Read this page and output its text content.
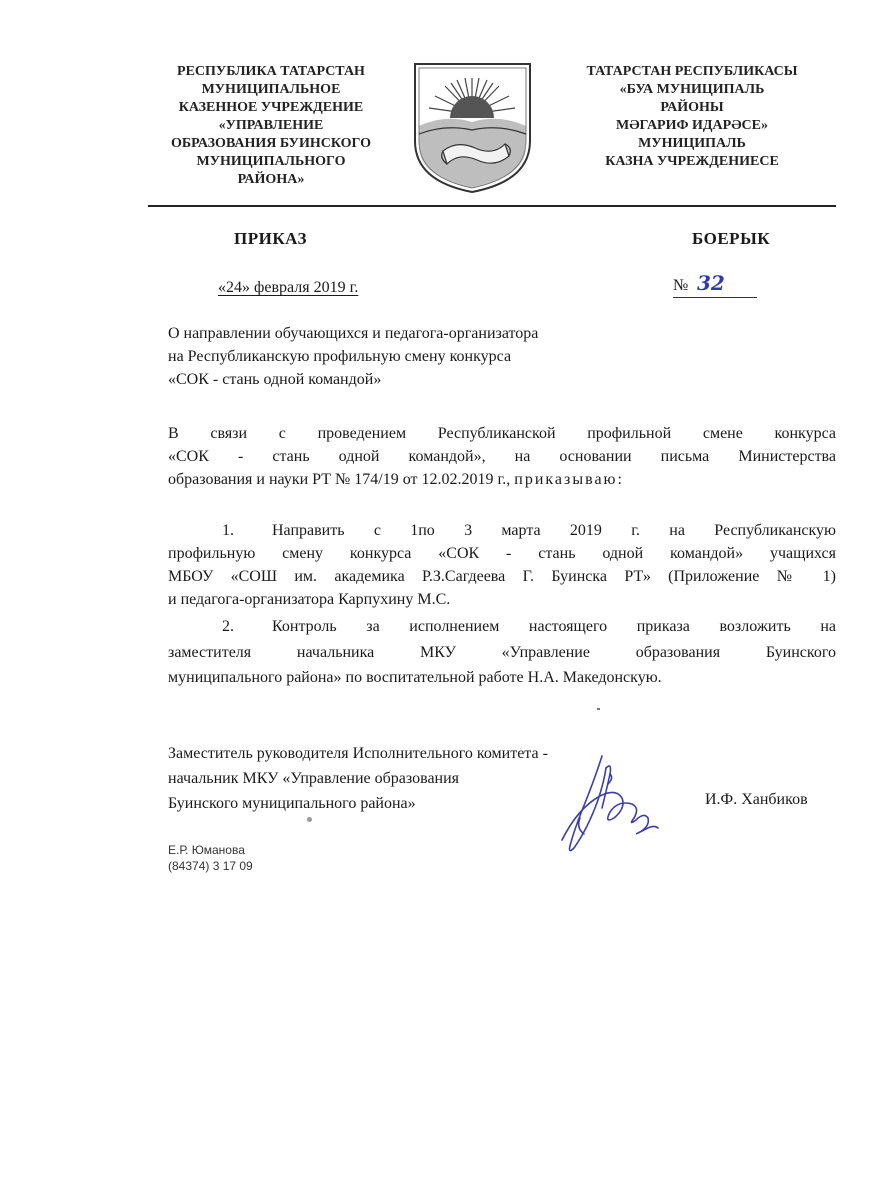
РЕСПУБЛИКА ТАТАРСТАН
МУНИЦИПАЛЬНОЕ
КАЗЕННОЕ УЧРЕЖДЕНИЕ
«УПРАВЛЕНИЕ
ОБРАЗОВАНИЯ БУИНСКОГО
МУНИЦИПАЛЬНОГО
РАЙОНА»
ТАТАРСТАН РЕСПУБЛИКАСЫ
«БУА МУНИЦИПАЛЬ
РАЙОНЫ
МӘГАРИФ ИДАРӘСЕ»
МУНИЦИПАЛЬ
КАЗНА УЧРЕЖДЕНИЕСЕ
ПРИКАЗ	БОЕРЫК
«24» февраля 2019 г.	№ 32
О направлении обучающихся и педагога-организатора
на Республиканскую профильную смену конкурса
«СОК - стань одной командой»
В связи с проведением Республиканской профильной смене конкурса
«СОК - стань одной командой», на основании письма Министерства
образования и науки РТ № 174/19 от 12.02.2019 г., приказываю:
1.	Направить с 1по 3 марта 2019 г. на Республиканскую
профильную смену конкурса «СОК - стань одной командой» учащихся
МБОУ «СОШ им. академика Р.З.Сагдеева Г. Буинска РТ» (Приложение № 1)
и педагога-организатора Карпухину М.С.
2.	Контроль за исполнением настоящего приказа возложить на
заместителя начальника МКУ «Управление образования Буинского
муниципального района» по воспитательной работе Н.А. Македонскую.
Заместитель руководителя Исполнительного комитета -
начальник МКУ «Управление образования
Буинского муниципального района»	И.Ф. Ханбиков
Е.Р. Юманова
(84374) 3 17 09
